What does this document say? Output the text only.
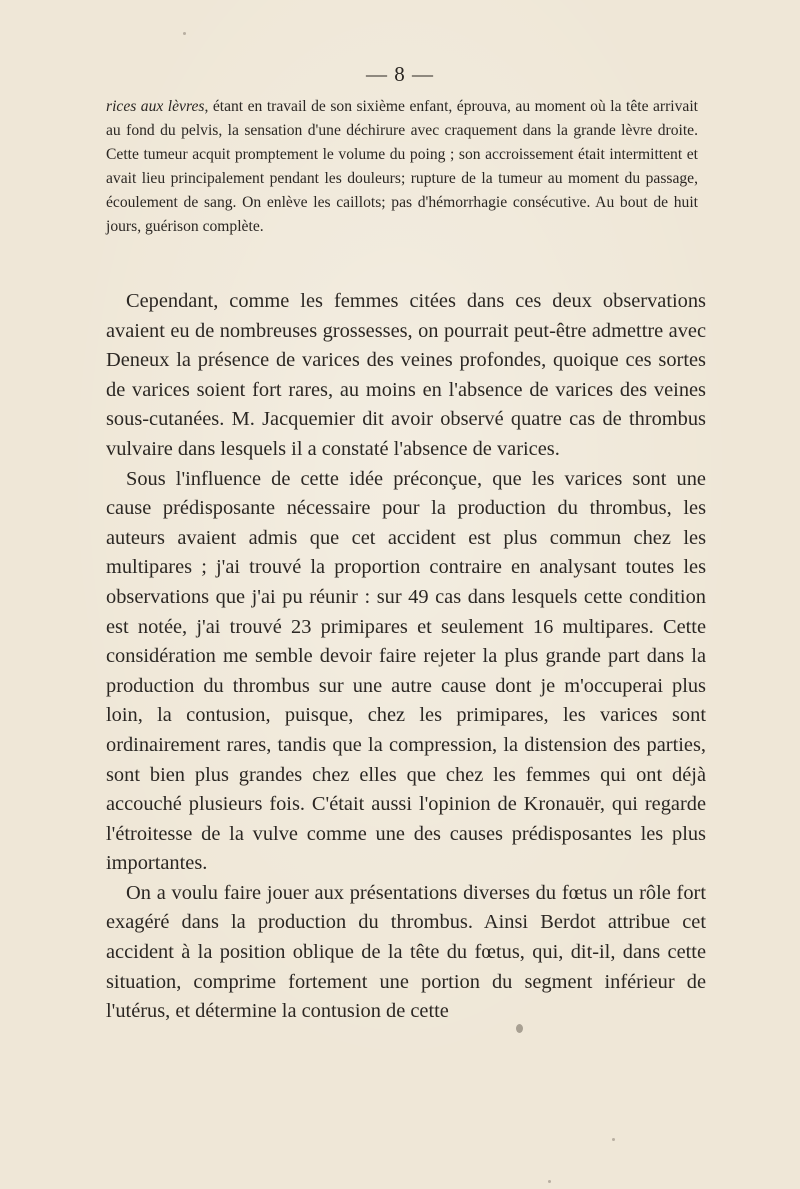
— 8 —
rices aux lèvres, étant en travail de son sixième enfant, éprouva, au moment où la tête arrivait au fond du pelvis, la sensation d'une déchirure avec craquement dans la grande lèvre droite. Cette tumeur acquit promptement le volume du poing ; son accroissement était intermittent et avait lieu principalement pendant les douleurs; rupture de la tumeur au moment du passage, écoulement de sang. On enlève les caillots; pas d'hémorrhagie consécutive. Au bout de huit jours, guérison complète.

Cependant, comme les femmes citées dans ces deux observations avaient eu de nombreuses grossesses, on pourrait peut-être admettre avec Deneux la présence de varices des veines profondes, quoique ces sortes de varices soient fort rares, au moins en l'absence de varices des veines sous-cutanées. M. Jacquemier dit avoir observé quatre cas de thrombus vulvaire dans lesquels il a constaté l'absence de varices.

Sous l'influence de cette idée préconçue, que les varices sont une cause prédisposante nécessaire pour la production du thrombus, les auteurs avaient admis que cet accident est plus commun chez les multipares ; j'ai trouvé la proportion contraire en analysant toutes les observations que j'ai pu réunir : sur 49 cas dans lesquels cette condition est notée, j'ai trouvé 23 primipares et seulement 16 multipares. Cette considération me semble devoir faire rejeter la plus grande part dans la production du thrombus sur une autre cause dont je m'occuperai plus loin, la contusion, puisque, chez les primipares, les varices sont ordinairement rares, tandis que la compression, la distension des parties, sont bien plus grandes chez elles que chez les femmes qui ont déjà accouché plusieurs fois. C'était aussi l'opinion de Kronauër, qui regarde l'étroitesse de la vulve comme une des causes prédisposantes les plus importantes.

On a voulu faire jouer aux présentations diverses du fœtus un rôle fort exagéré dans la production du thrombus. Ainsi Berdot attribue cet accident à la position oblique de la tête du fœtus, qui, dit-il, dans cette situation, comprime fortement une portion du segment inférieur de l'utérus, et détermine la contusion de cette
